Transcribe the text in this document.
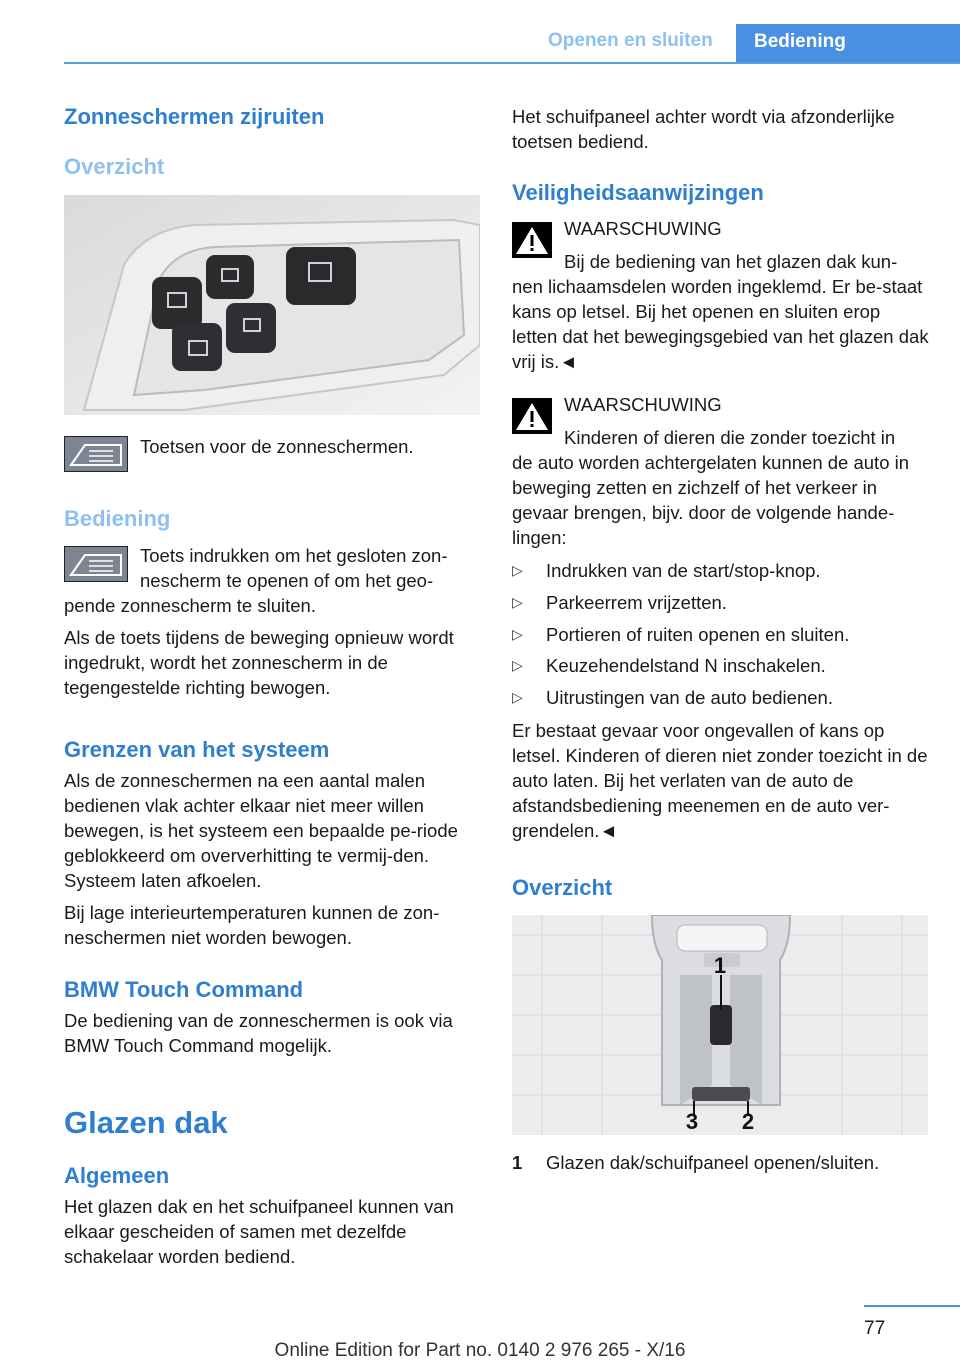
Openen en sluiten	Bediening
Zonneschermen zijruiten
Overzicht

Toetsen voor de zonneschermen.

Bediening

Toets indrukken om het gesloten zon-

nescherm te openen of om het geo-

pende zonnescherm te sluiten.

Als de toets tijdens de beweging opnieuw wordt ingedrukt, wordt het zonnescherm in de tegengestelde richting bewogen.

Grenzen van het systeem

Als de zonneschermen na een aantal malen bedienen vlak achter elkaar niet meer willen bewegen, is het systeem een bepaalde pe-riode geblokkeerd om oververhitting te vermij-den. Systeem laten afkoelen.

Bij lage interieurtemperaturen kunnen de zon-neschermen niet worden bewogen.

BMW Touch Command

De bediening van de zonneschermen is ook via BMW Touch Command mogelijk.

Glazen dak
Algemeen

Het glazen dak en het schuifpaneel kunnen van elkaar gescheiden of samen met dezelfde schakelaar worden bediend.

Het schuifpaneel achter wordt via afzonderlijke toetsen bediend.

Veiligheidsaanwijzingen

WAARSCHUWING

Bij de bediening van het glazen dak kun-

nen lichaamsdelen worden ingeklemd. Er be-staat kans op letsel. Bij het openen en sluiten erop letten dat het bewegingsgebied van het glazen dak vrij is.◄

WAARSCHUWING

Kinderen of dieren die zonder toezicht in

de auto worden achtergelaten kunnen de auto in beweging zetten en zichzelf of het verkeer in gevaar brengen, bijv. door de volgende hande-lingen:

▷ Indrukken van de start/stop-knop.
▷ Parkeerrem vrijzetten.
▷ Portieren of ruiten openen en sluiten.
▷ Keuzehendelstand N inschakelen.
▷ Uitrustingen van de auto bedienen.

Er bestaat gevaar voor ongevallen of kans op letsel. Kinderen of dieren niet zonder toezicht in de auto laten. Bij het verlaten van de auto de afstandsbediening meenemen en de auto ver-grendelen.◄

Overzicht
1
3 2

1 Glazen dak/schuifpaneel openen/sluiten.

77
Online Edition for Part no. 0140 2 976 265 - X/16
